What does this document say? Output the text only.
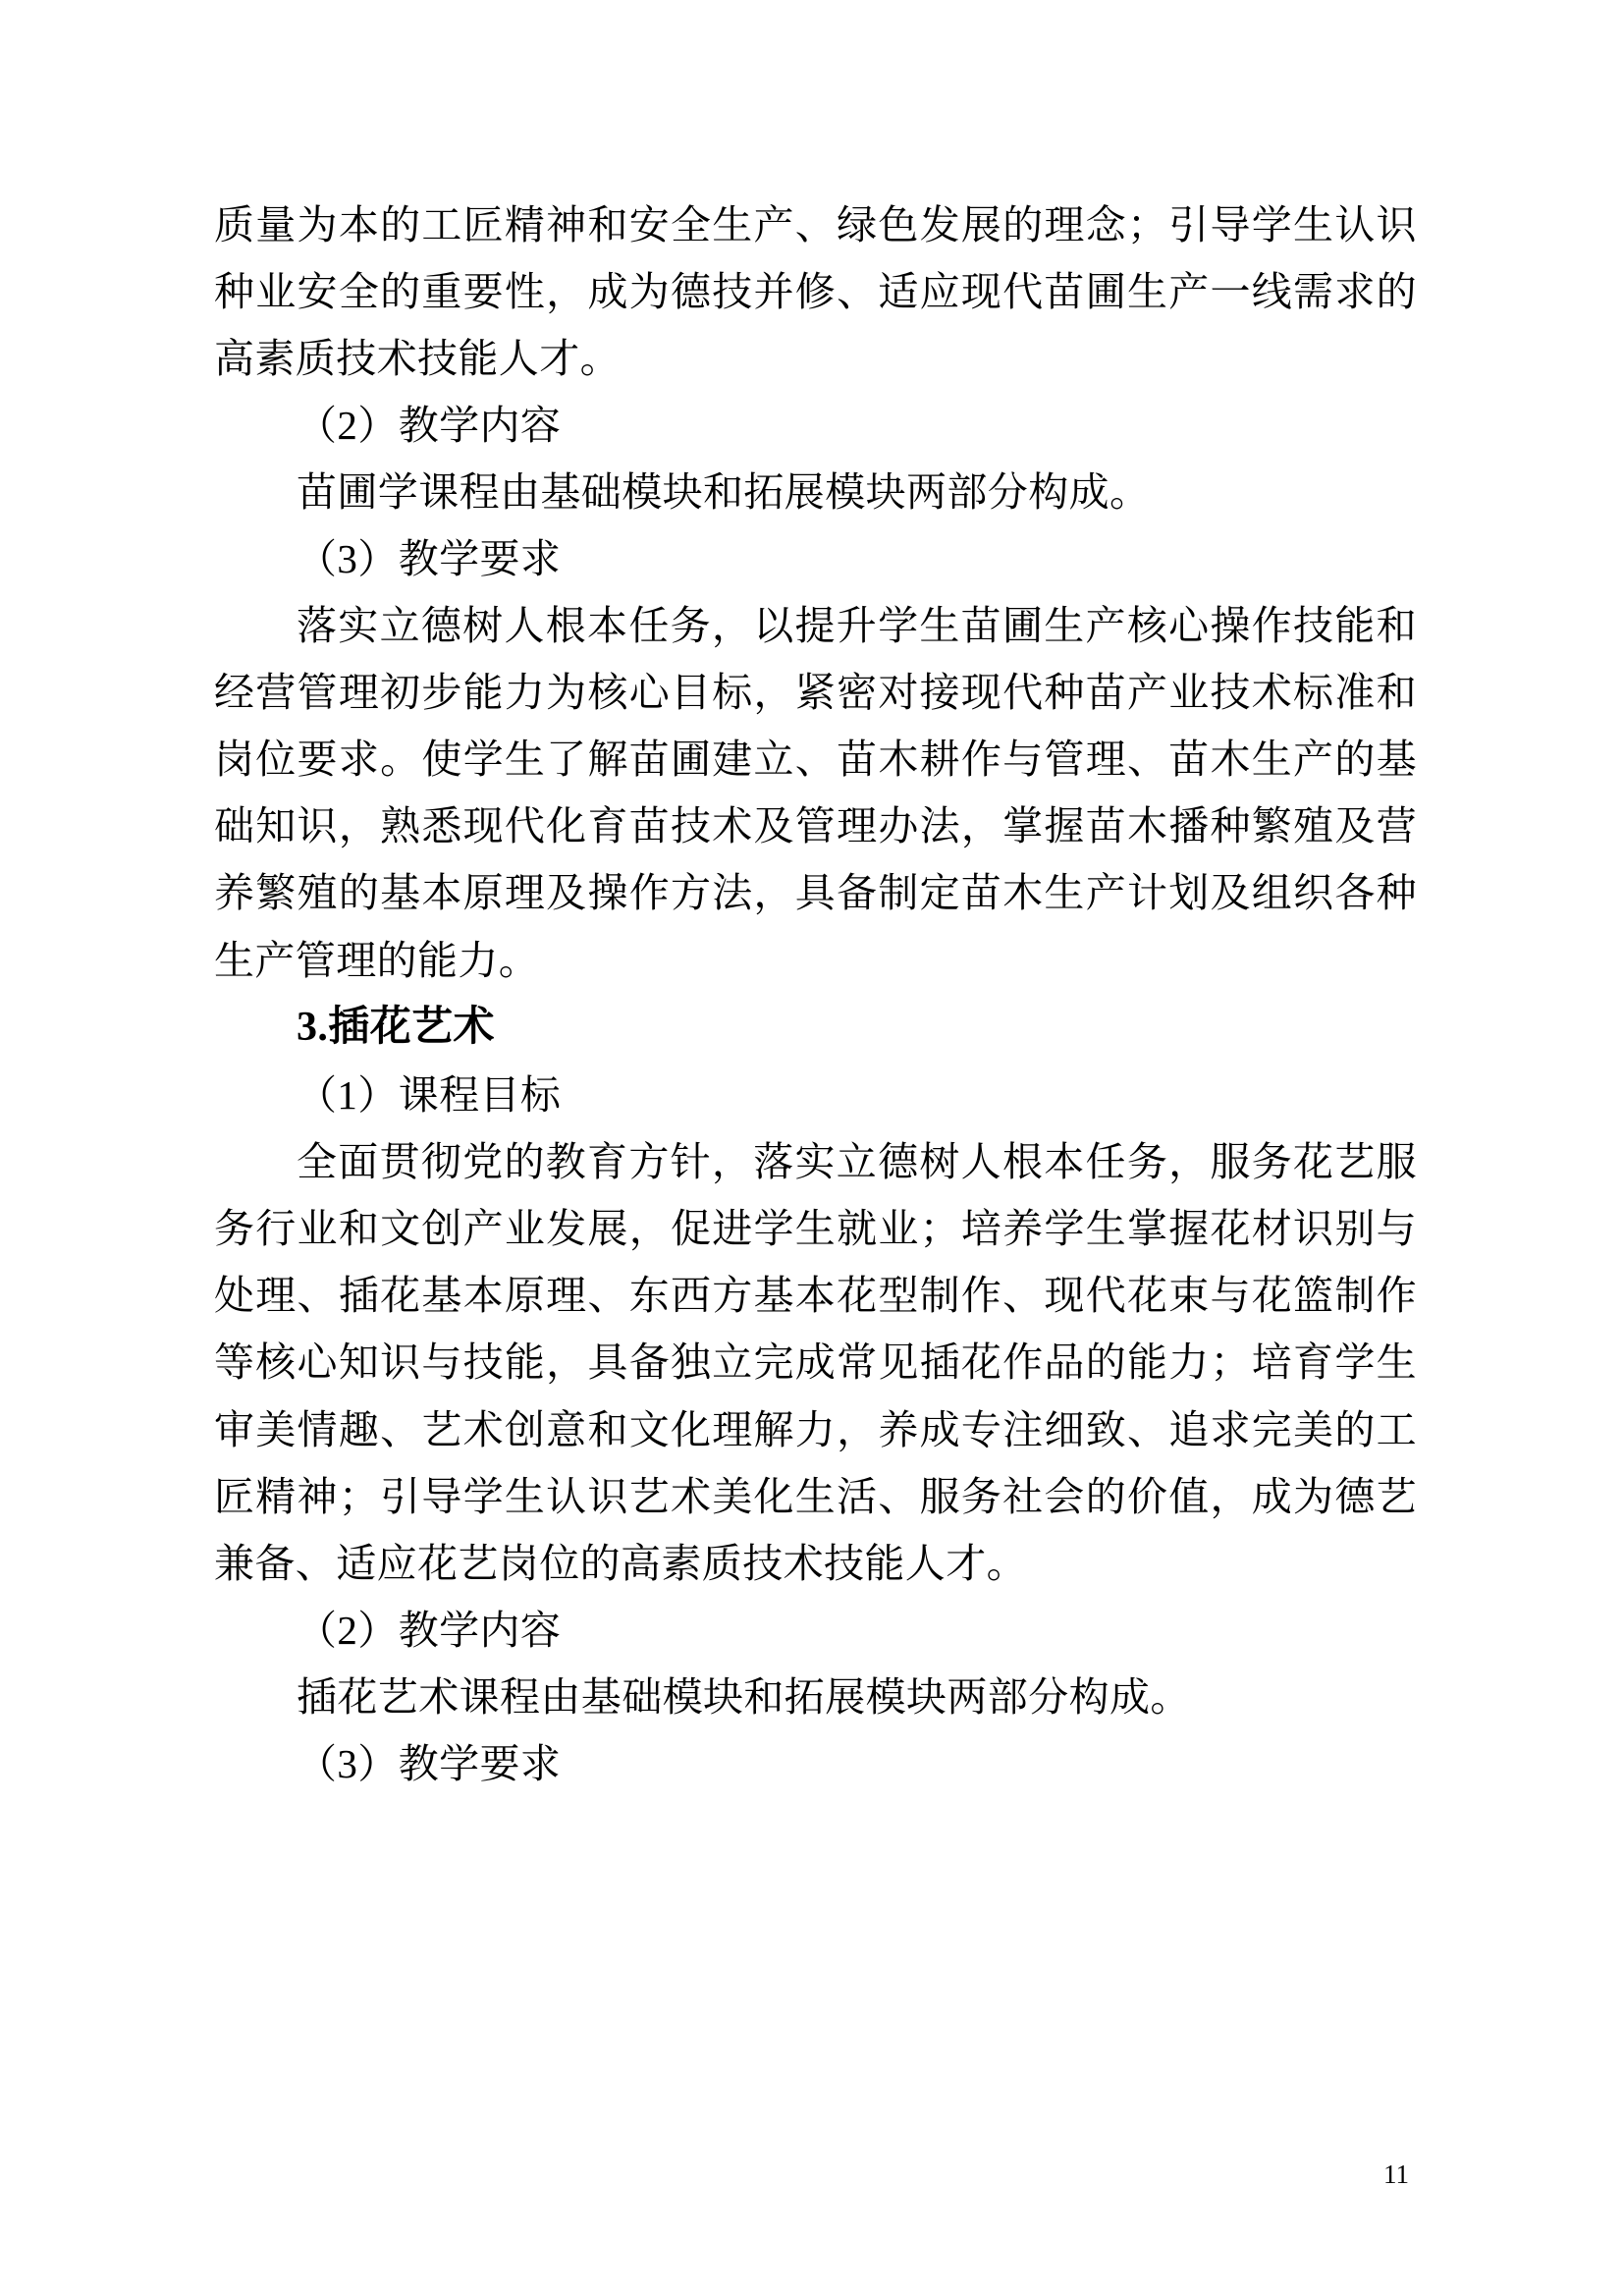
质量为本的工匠精神和安全生产、绿色发展的理念；引导学生认识种业安全的重要性，成为德技并修、适应现代苗圃生产一线需求的高素质技术技能人才。

（2）教学内容

苗圃学课程由基础模块和拓展模块两部分构成。

（3）教学要求

落实立德树人根本任务，以提升学生苗圃生产核心操作技能和经营管理初步能力为核心目标，紧密对接现代种苗产业技术标准和岗位要求。使学生了解苗圃建立、苗木耕作与管理、苗木生产的基础知识，熟悉现代化育苗技术及管理办法，掌握苗木播种繁殖及营养繁殖的基本原理及操作方法，具备制定苗木生产计划及组织各种生产管理的能力。

3.插花艺术

（1）课程目标

全面贯彻党的教育方针，落实立德树人根本任务，服务花艺服务行业和文创产业发展，促进学生就业；培养学生掌握花材识别与处理、插花基本原理、东西方基本花型制作、现代花束与花篮制作等核心知识与技能，具备独立完成常见插花作品的能力；培育学生审美情趣、艺术创意和文化理解力，养成专注细致、追求完美的工匠精神；引导学生认识艺术美化生活、服务社会的价值，成为德艺兼备、适应花艺岗位的高素质技术技能人才。

（2）教学内容

插花艺术课程由基础模块和拓展模块两部分构成。

（3）教学要求

11
